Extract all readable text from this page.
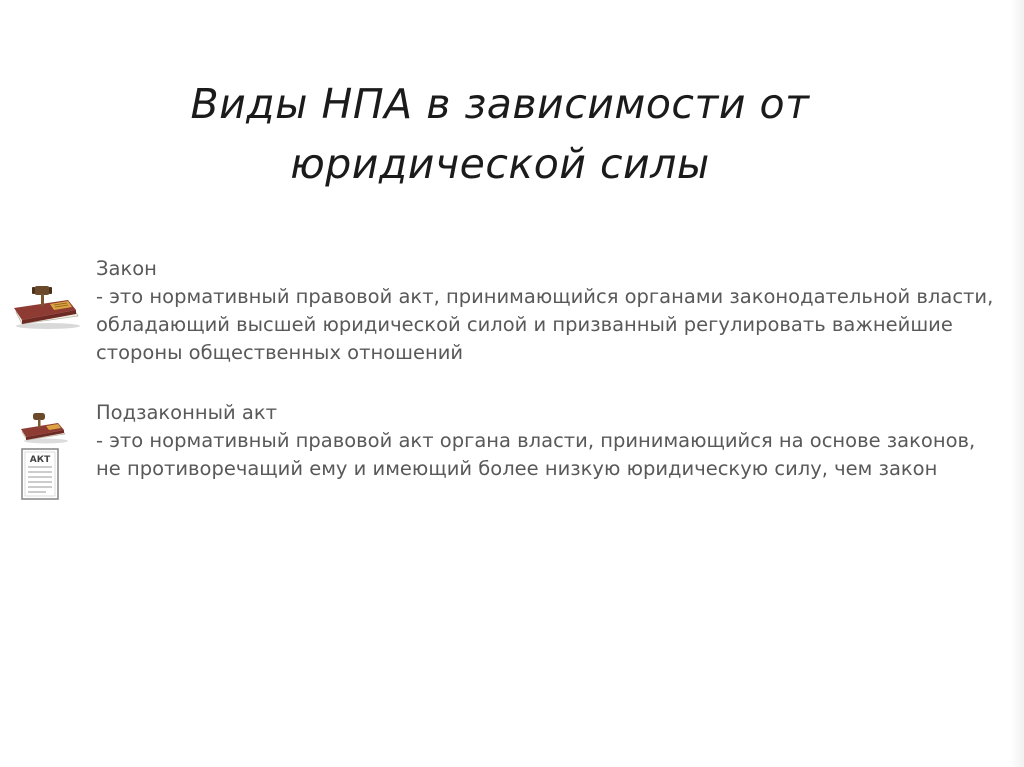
Виды НПА в зависимости от
юридической силы
Закон
- это нормативный правовой акт, принимающийся органами законодательной власти, обладающий высшей юридической силой и призванный регулировать важнейшие стороны общественных отношений
АКТ
Подзаконный акт
- это нормативный правовой акт органа власти, принимающийся на основе законов, не противоречащий ему и имеющий более низкую юридическую силу, чем закон
